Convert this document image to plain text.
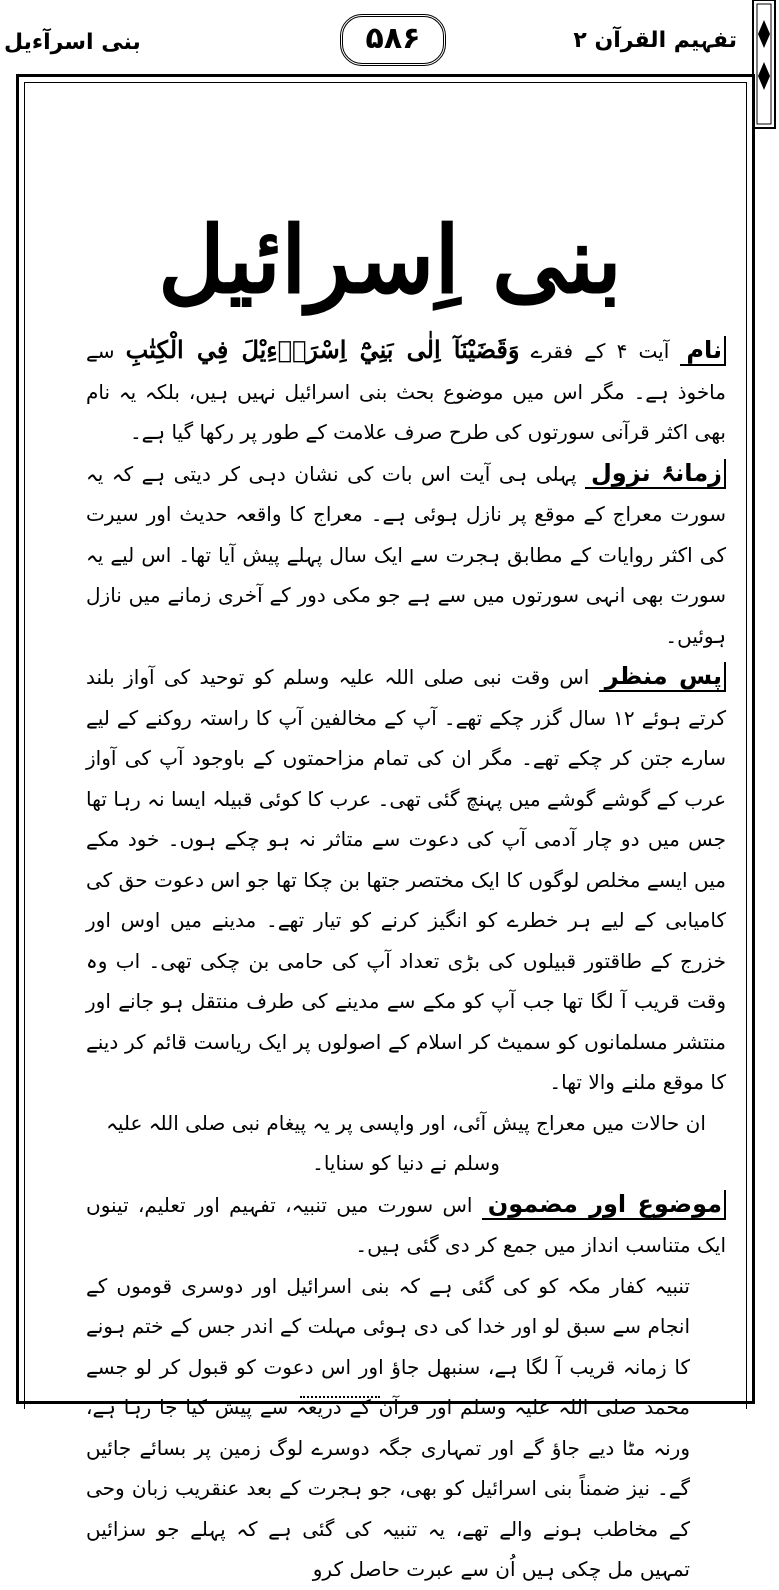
بنی اسرآءیل	۵۸۶	تفہیم القرآن ۲
بنی اِسرائیل

نام آیت ۴ کے فقرے وَقَضَيْنَآ اِلٰى بَنِيْٓ اِسْرَاۗءِيْلَ فِي الْكِتٰبِ سے ماخوذ ہے۔ مگر اس میں موضوع بحث بنی اسرائیل نہیں ہیں، بلکہ یہ نام بھی اکثر قرآنی سورتوں کی طرح صرف علامت کے طور پر رکھا گیا ہے۔

زمانۂ نزول پہلی ہی آیت اس بات کی نشان دہی کر دیتی ہے کہ یہ سورت معراج کے موقع پر نازل ہوئی ہے۔ معراج کا واقعہ حدیث اور سیرت کی اکثر روایات کے مطابق ہجرت سے ایک سال پہلے پیش آیا تھا۔ اس لیے یہ سورت بھی انہی سورتوں میں سے ہے جو مکی دور کے آخری زمانے میں نازل ہوئیں۔

پس منظر اس وقت نبی صلی اللہ علیہ وسلم کو توحید کی آواز بلند کرتے ہوئے ۱۲ سال گزر چکے تھے۔ آپ کے مخالفین آپ کا راستہ روکنے کے لیے سارے جتن کر چکے تھے۔ مگر ان کی تمام مزاحمتوں کے باوجود آپ کی آواز عرب کے گوشے گوشے میں پہنچ گئی تھی۔ عرب کا کوئی قبیلہ ایسا نہ رہا تھا جس میں دو چار آدمی آپ کی دعوت سے متاثر نہ ہو چکے ہوں۔ خود مکے میں ایسے مخلص لوگوں کا ایک مختصر جتھا بن چکا تھا جو اس دعوت حق کی کامیابی کے لیے ہر خطرے کو انگیز کرنے کو تیار تھے۔ مدینے میں اوس اور خزرج کے طاقتور قبیلوں کی بڑی تعداد آپ کی حامی بن چکی تھی۔ اب وہ وقت قریب آ لگا تھا جب آپ کو مکے سے مدینے کی طرف منتقل ہو جانے اور منتشر مسلمانوں کو سمیٹ کر اسلام کے اصولوں پر ایک ریاست قائم کر دینے کا موقع ملنے والا تھا۔

ان حالات میں معراج پیش آئی، اور واپسی پر یہ پیغام نبی صلی اللہ علیہ وسلم نے دنیا کو سنایا۔

موضوع اور مضمون اس سورت میں تنبیہ، تفہیم اور تعلیم، تینوں ایک متناسب انداز میں جمع کر دی گئی ہیں۔

تنبیہ کفار مکہ کو کی گئی ہے کہ بنی اسرائیل اور دوسری قوموں کے انجام سے سبق لو اور خدا کی دی ہوئی مہلت کے اندر جس کے ختم ہونے کا زمانہ قریب آ لگا ہے، سنبھل جاؤ اور اس دعوت کو قبول کر لو جسے محمد صلی اللہ علیہ وسلم اور قرآن کے ذریعہ سے پیش کیا جا رہا ہے، ورنہ مٹا دیے جاؤ گے اور تمہاری جگہ دوسرے لوگ زمین پر بسائے جائیں گے۔ نیز ضمناً بنی اسرائیل کو بھی، جو ہجرت کے بعد عنقریب زبان وحی کے مخاطب ہونے والے تھے، یہ تنبیہ کی گئی ہے کہ پہلے جو سزائیں تمہیں مل چکی ہیں اُن سے عبرت حاصل کرو
